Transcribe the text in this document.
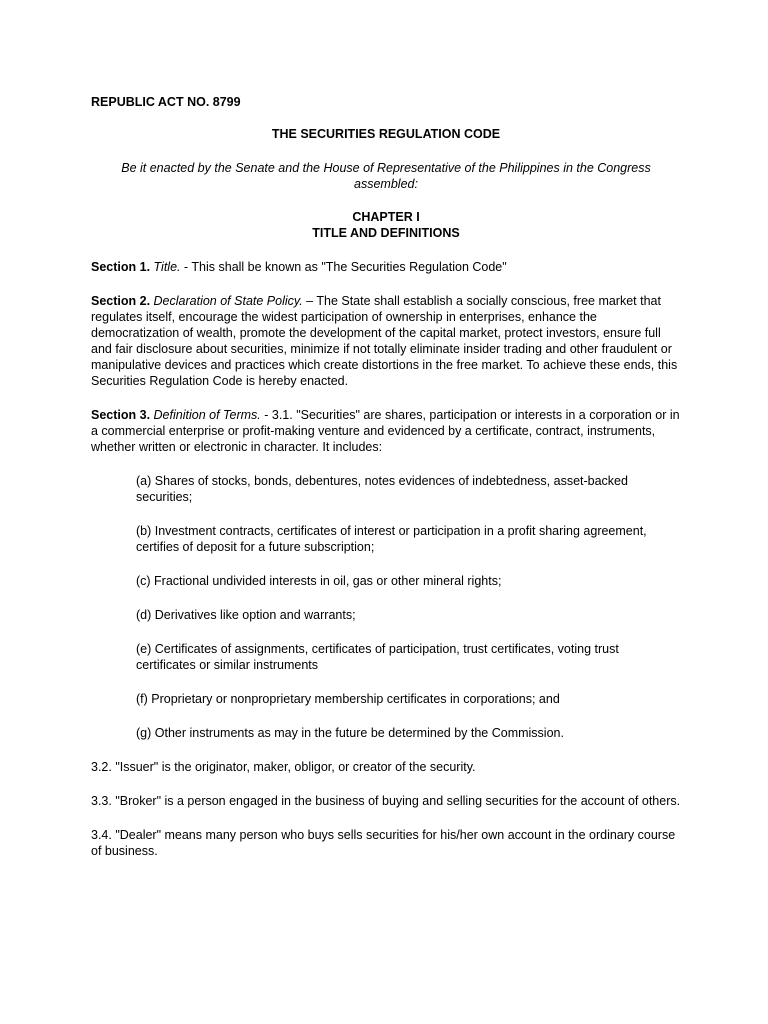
REPUBLIC ACT NO. 8799
THE SECURITIES REGULATION CODE
Be it enacted by the Senate and the House of Representative of the Philippines in the Congress assembled:
CHAPTER I
TITLE AND DEFINITIONS

Section 1. Title. - This shall be known as "The Securities Regulation Code"

Section 2. Declaration of State Policy. – The State shall establish a socially conscious, free market that regulates itself, encourage the widest participation of ownership in enterprises, enhance the democratization of wealth, promote the development of the capital market, protect investors, ensure full and fair disclosure about securities, minimize if not totally eliminate insider trading and other fraudulent or manipulative devices and practices which create distortions in the free market. To achieve these ends, this Securities Regulation Code is hereby enacted.

Section 3. Definition of Terms. - 3.1. "Securities" are shares, participation or interests in a corporation or in a commercial enterprise or profit-making venture and evidenced by a certificate, contract, instruments, whether written or electronic in character. It includes:

(a) Shares of stocks, bonds, debentures, notes evidences of indebtedness, asset-backed securities;
(b) Investment contracts, certificates of interest or participation in a profit sharing agreement, certifies of deposit for a future subscription;
(c) Fractional undivided interests in oil, gas or other mineral rights;
(d) Derivatives like option and warrants;
(e) Certificates of assignments, certificates of participation, trust certificates, voting trust certificates or similar instruments
(f) Proprietary or nonproprietary membership certificates in corporations; and
(g) Other instruments as may in the future be determined by the Commission.

3.2. "Issuer" is the originator, maker, obligor, or creator of the security.

3.3. "Broker" is a person engaged in the business of buying and selling securities for the account of others.

3.4. "Dealer" means many person who buys sells securities for his/her own account in the ordinary course of business.
